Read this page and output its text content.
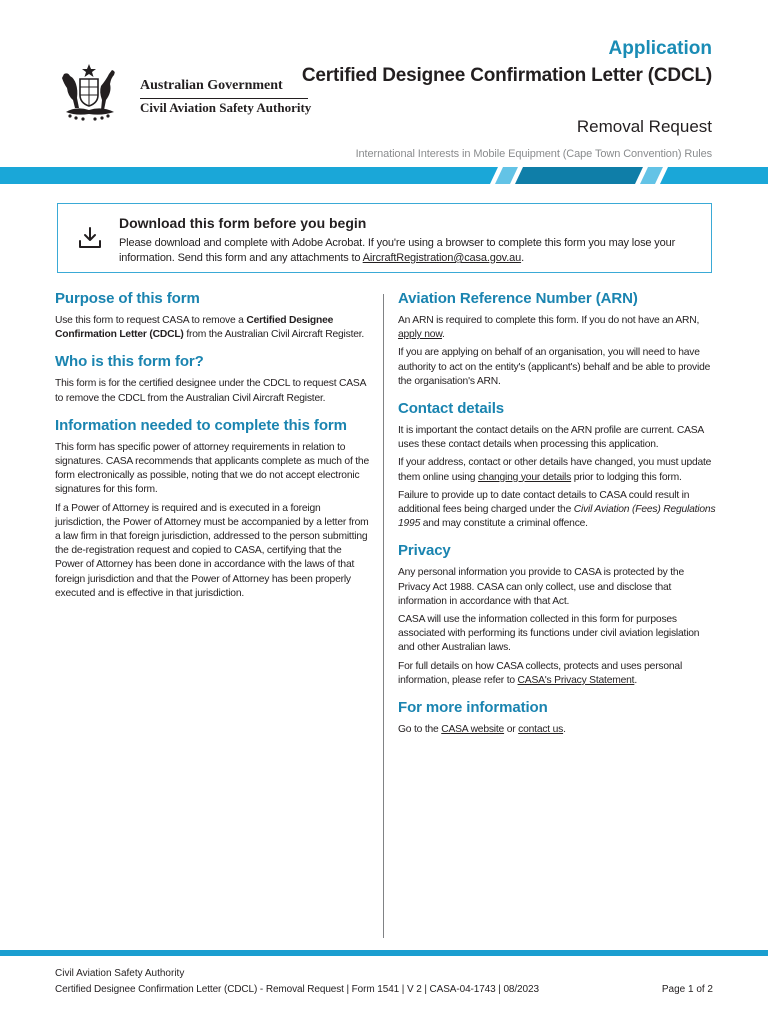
Australian Government
Civil Aviation Safety Authority
Application
Certified Designee Confirmation Letter (CDCL)
Removal Request
International Interests in Mobile Equipment (Cape Town Convention) Rules
Download this form before you begin
Please download and complete with Adobe Acrobat. If you're using a browser to complete this form you may lose your information. Send this form and any attachments to AircraftRegistration@casa.gov.au.
Purpose of this form

Use this form to request CASA to remove a Certified Designee Confirmation Letter (CDCL) from the Australian Civil Aircraft Register.

Who is this form for?

This form is for the certified designee under the CDCL to request CASA to remove the CDCL from the Australian Civil Aircraft Register.

Information needed to complete this form

This form has specific power of attorney requirements in relation to signatures. CASA recommends that applicants complete as much of the form electronically as possible, noting that we do not accept electronic signatures for this form.

If a Power of Attorney is required and is executed in a foreign jurisdiction, the Power of Attorney must be accompanied by a letter from a law firm in that foreign jurisdiction, addressed to the person submitting the de-registration request and copied to CASA, certifying that the Power of Attorney has been done in accordance with the laws of that foreign jurisdiction and that the Power of Attorney has been properly executed and is effective in that jurisdiction.

Aviation Reference Number (ARN)

An ARN is required to complete this form. If you do not have an ARN, apply now.

If you are applying on behalf of an organisation, you will need to have authority to act on the entity's (applicant's) behalf and be able to provide the organisation's ARN.

Contact details

It is important the contact details on the ARN profile are current. CASA uses these contact details when processing this application.

If your address, contact or other details have changed, you must update them online using changing your details prior to lodging this form.

Failure to provide up to date contact details to CASA could result in additional fees being charged under the Civil Aviation (Fees) Regulations 1995 and may constitute a criminal offence.

Privacy

Any personal information you provide to CASA is protected by the Privacy Act 1988. CASA can only collect, use and disclose that information in accordance with that Act.

CASA will use the information collected in this form for purposes associated with performing its functions under civil aviation legislation and other Australian laws.

For full details on how CASA collects, protects and uses personal information, please refer to CASA's Privacy Statement.

For more information

Go to the CASA website or contact us.

Civil Aviation Safety Authority
Certified Designee Confirmation Letter (CDCL) - Removal Request | Form 1541 | V 2 | CASA-04-1743 | 08/2023	Page 1 of 2
